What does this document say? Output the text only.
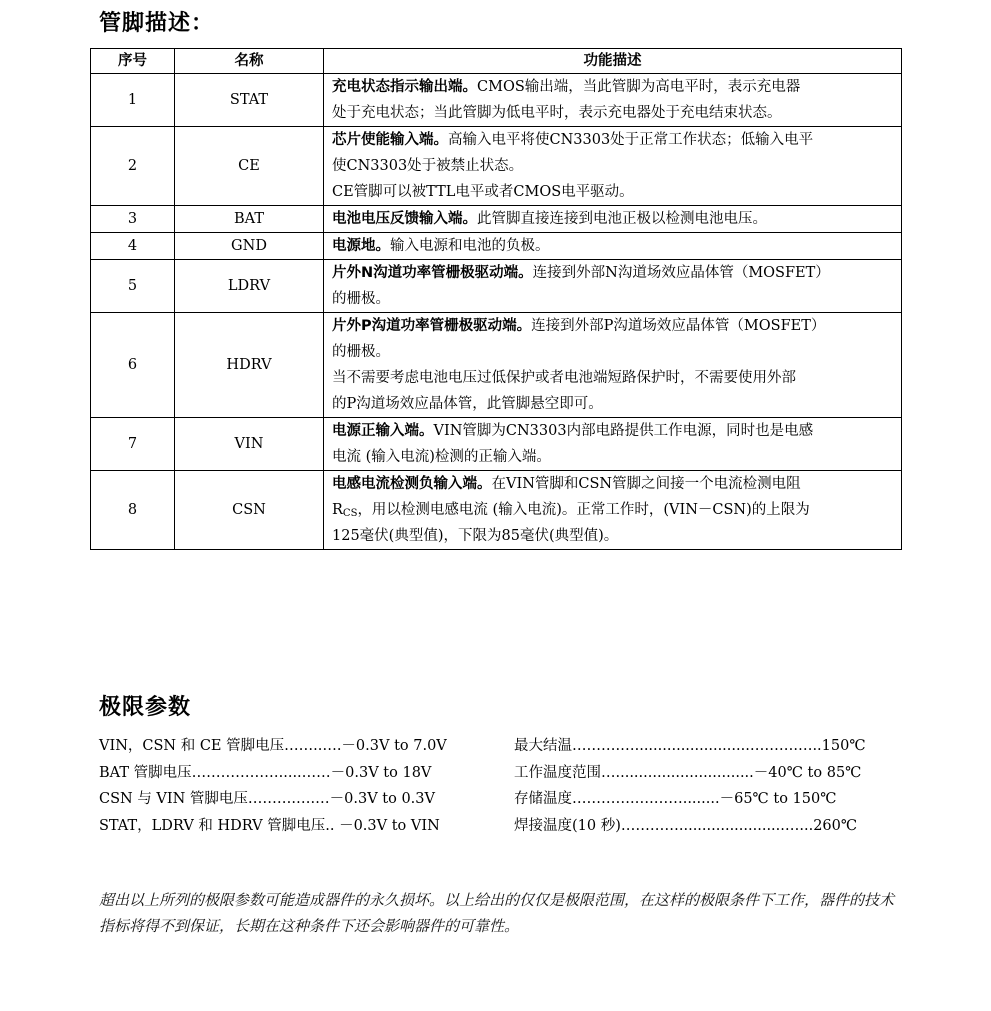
管脚描述：
序号	名称	功能描述
1	STAT	充电状态指示输出端。CMOS输出端，当此管脚为高电平时，表示充电器
处于充电状态；当此管脚为低电平时，表示充电器处于充电结束状态。

2	CE	芯片使能输入端。高输入电平将使CN3303处于正常工作状态；低输入电平
使CN3303处于被禁止状态。
CE管脚可以被TTL电平或者CMOS电平驱动。

3	BAT	电池电压反馈输入端。此管脚直接连接到电池正极以检测电池电压。

4	GND	电源地。输入电源和电池的负极。

5	LDRV	片外N沟道功率管栅极驱动端。连接到外部N沟道场效应晶体管（MOSFET）
的栅极。

6	HDRV	片外P沟道功率管栅极驱动端。连接到外部P沟道场效应晶体管（MOSFET）
的栅极。
当不需要考虑电池电压过低保护或者电池端短路保护时，不需要使用外部
的P沟道场效应晶体管，此管脚悬空即可。

7	VIN	电源正输入端。VIN管脚为CN3303内部电路提供工作电源，同时也是电感
电流 (输入电流)检测的正输入端。

8	CSN	电感电流检测负输入端。在VIN管脚和CSN管脚之间接一个电流检测电阻
$R_{CS}$，用以检测电感电流 (输入电流)。正常工作时，(VIN－CSN)的上限为
125毫伏(典型值)，下限为85毫伏(典型值)。
极限参数
VIN，CSN 和 CE 管脚电压……..….－0.3V to 7.0V
BAT 管脚电压……………….....……－0.3V to 18V
CSN 与 VIN 管脚电压……….….…－0.3V to 0.3V
STAT，LDRV 和 HDRV 管脚电压.. －0.3V to VIN
最大结温……….….........................……….…..150℃
工作温度范围…..............................－40℃ to 85℃
存储温度………….….……........－65℃ to 150℃
焊接温度(10 秒)………….......................…...260℃
超出以上所列的极限参数可能造成器件的永久损坏。以上给出的仅仅是极限范围，在这样的极限条件下工作，器件的技术指标将得不到保证，长期在这种条件下还会影响器件的可靠性。
